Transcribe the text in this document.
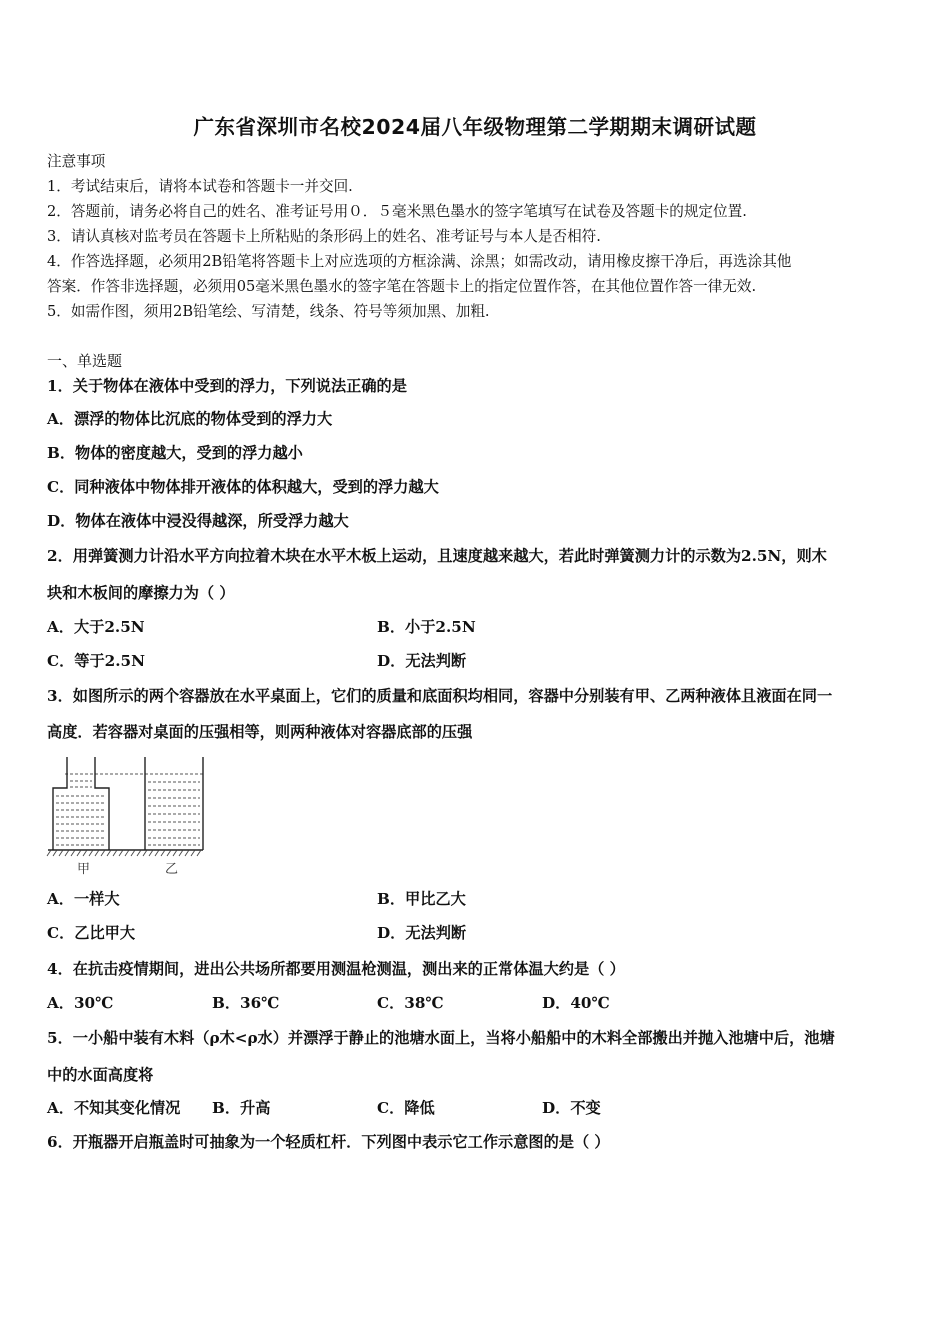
广东省深圳市名校2024届八年级物理第二学期期末调研试题
注意事项
1．考试结束后，请将本试卷和答题卡一并交回.
2．答题前，请务必将自己的姓名、准考证号用０．５毫米黑色墨水的签字笔填写在试卷及答题卡的规定位置.
3．请认真核对监考员在答题卡上所粘贴的条形码上的姓名、准考证号与本人是否相符.
4．作答选择题，必须用2B铅笔将答题卡上对应选项的方框涂满、涂黑；如需改动，请用橡皮擦干净后，再选涂其他
答案．作答非选择题，必须用05毫米黑色墨水的签字笔在答题卡上的指定位置作答，在其他位置作答一律无效.
5．如需作图，须用2B铅笔绘、写清楚，线条、符号等须加黑、加粗.
一、单选题
1．关于物体在液体中受到的浮力，下列说法正确的是
A．漂浮的物体比沉底的物体受到的浮力大
B．物体的密度越大，受到的浮力越小
C．同种液体中物体排开液体的体积越大，受到的浮力越大
D．物体在液体中浸没得越深，所受浮力越大
2．用弹簧测力计沿水平方向拉着木块在水平木板上运动，且速度越来越大，若此时弹簧测力计的示数为2.5N，则木
块和木板间的摩擦力为（ ）
A．大于2.5N	B．小于2.5N
C．等于2.5N	D．无法判断
3．如图所示的两个容器放在水平桌面上，它们的质量和底面积均相同，容器中分别装有甲、乙两种液体且液面在同一
高度．若容器对桌面的压强相等，则两种液体对容器底部的压强
甲	乙
A．一样大	B．甲比乙大
C．乙比甲大	D．无法判断
4．在抗击疫情期间，进出公共场所都要用测温枪测温，测出来的正常体温大约是（ ）
A．30℃	B．36℃	C．38℃	D．40℃
5．一小船中装有木料（ρ木<ρ水）并漂浮于静止的池塘水面上，当将小船船中的木料全部搬出并抛入池塘中后，池塘
中的水面高度将
A．不知其变化情况 B．升高	C．降低	D．不变
6．开瓶器开启瓶盖时可抽象为一个轻质杠杆．下列图中表示它工作示意图的是（ ）
